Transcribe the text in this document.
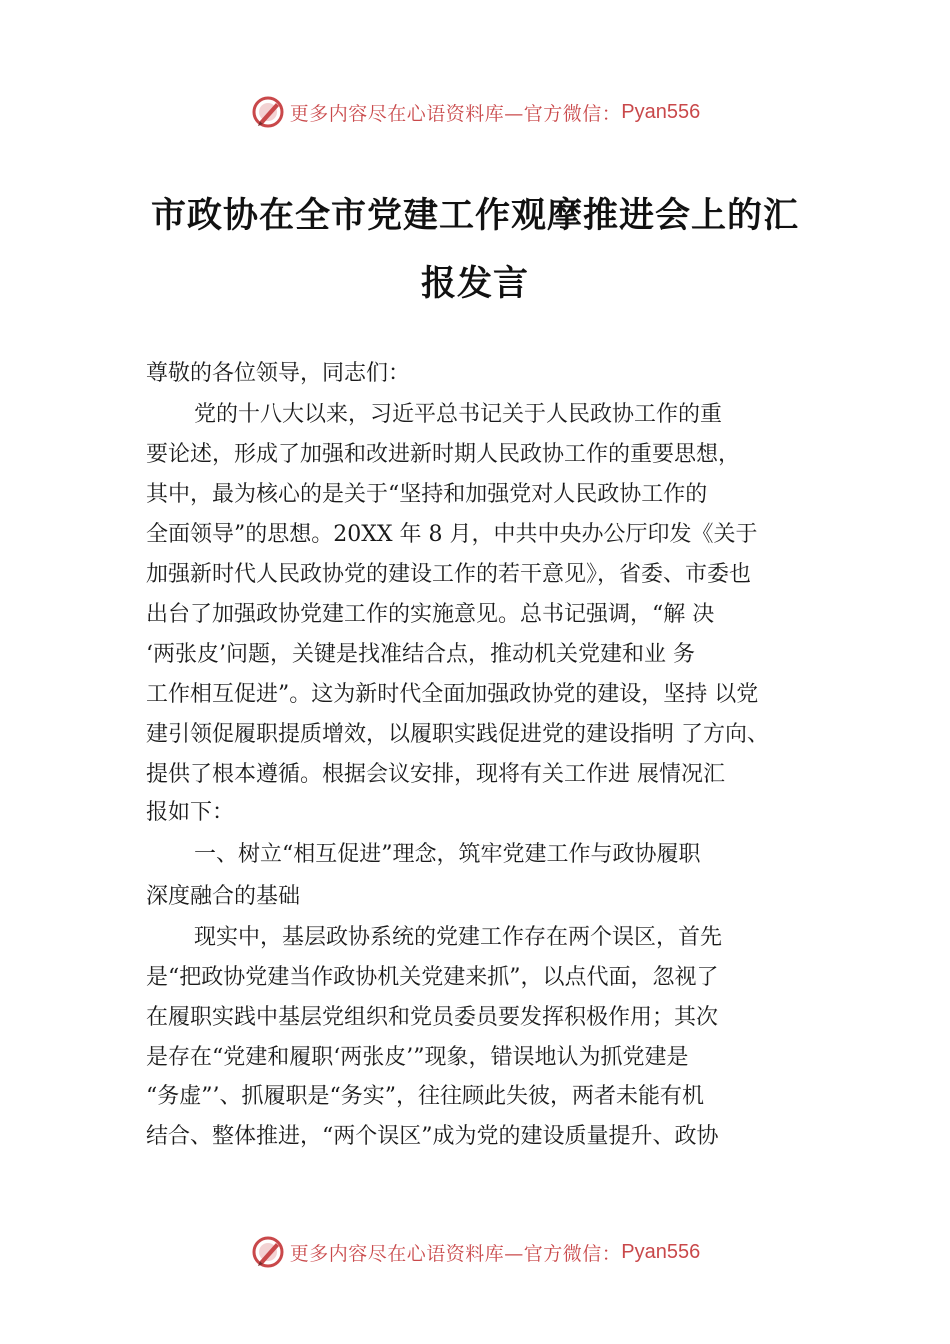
更多内容尽在心语资料库—官方微信： Pyan556
市政协在全市党建工作观摩推进会上的汇
报发言
尊敬的各位领导，同志们：
党的十八大以来，习近平总书记关于人民政协工作的重
要论述，形成了加强和改进新时期人民政协工作的重要思想，
其中，最为核心的是关于“坚持和加强党对人民政协工作的
全面领导”的思想。20XX 年 8 月，中共中央办公厅印发《关于
加强新时代人民政协党的建设工作的若干意见》，省委、市委也
出台了加强政协党建工作的实施意见。总书记强调，“解 决
‘两张皮’问题，关键是找准结合点，推动机关党建和业 务
工作相互促进”。这为新时代全面加强政协党的建设，坚持 以党
建引领促履职提质增效，以履职实践促进党的建设指明 了方向、
提供了根本遵循。根据会议安排，现将有关工作进 展情况汇
报如下：
一、树立“相互促进”理念，筑牢党建工作与政协履职
深度融合的基础
现实中，基层政协系统的党建工作存在两个误区，首先
是“把政协党建当作政协机关党建来抓”，以点代面，忽视了
在履职实践中基层党组织和党员委员要发挥积极作用；其次
是存在“党建和履职‘两张皮’”现象，错误地认为抓党建是
“务虚”’、抓履职是“务实”，往往顾此失彼，两者未能有机
结合、整体推进，“两个误区”成为党的建设质量提升、政协
更多内容尽在心语资料库—官方微信： Pyan556
